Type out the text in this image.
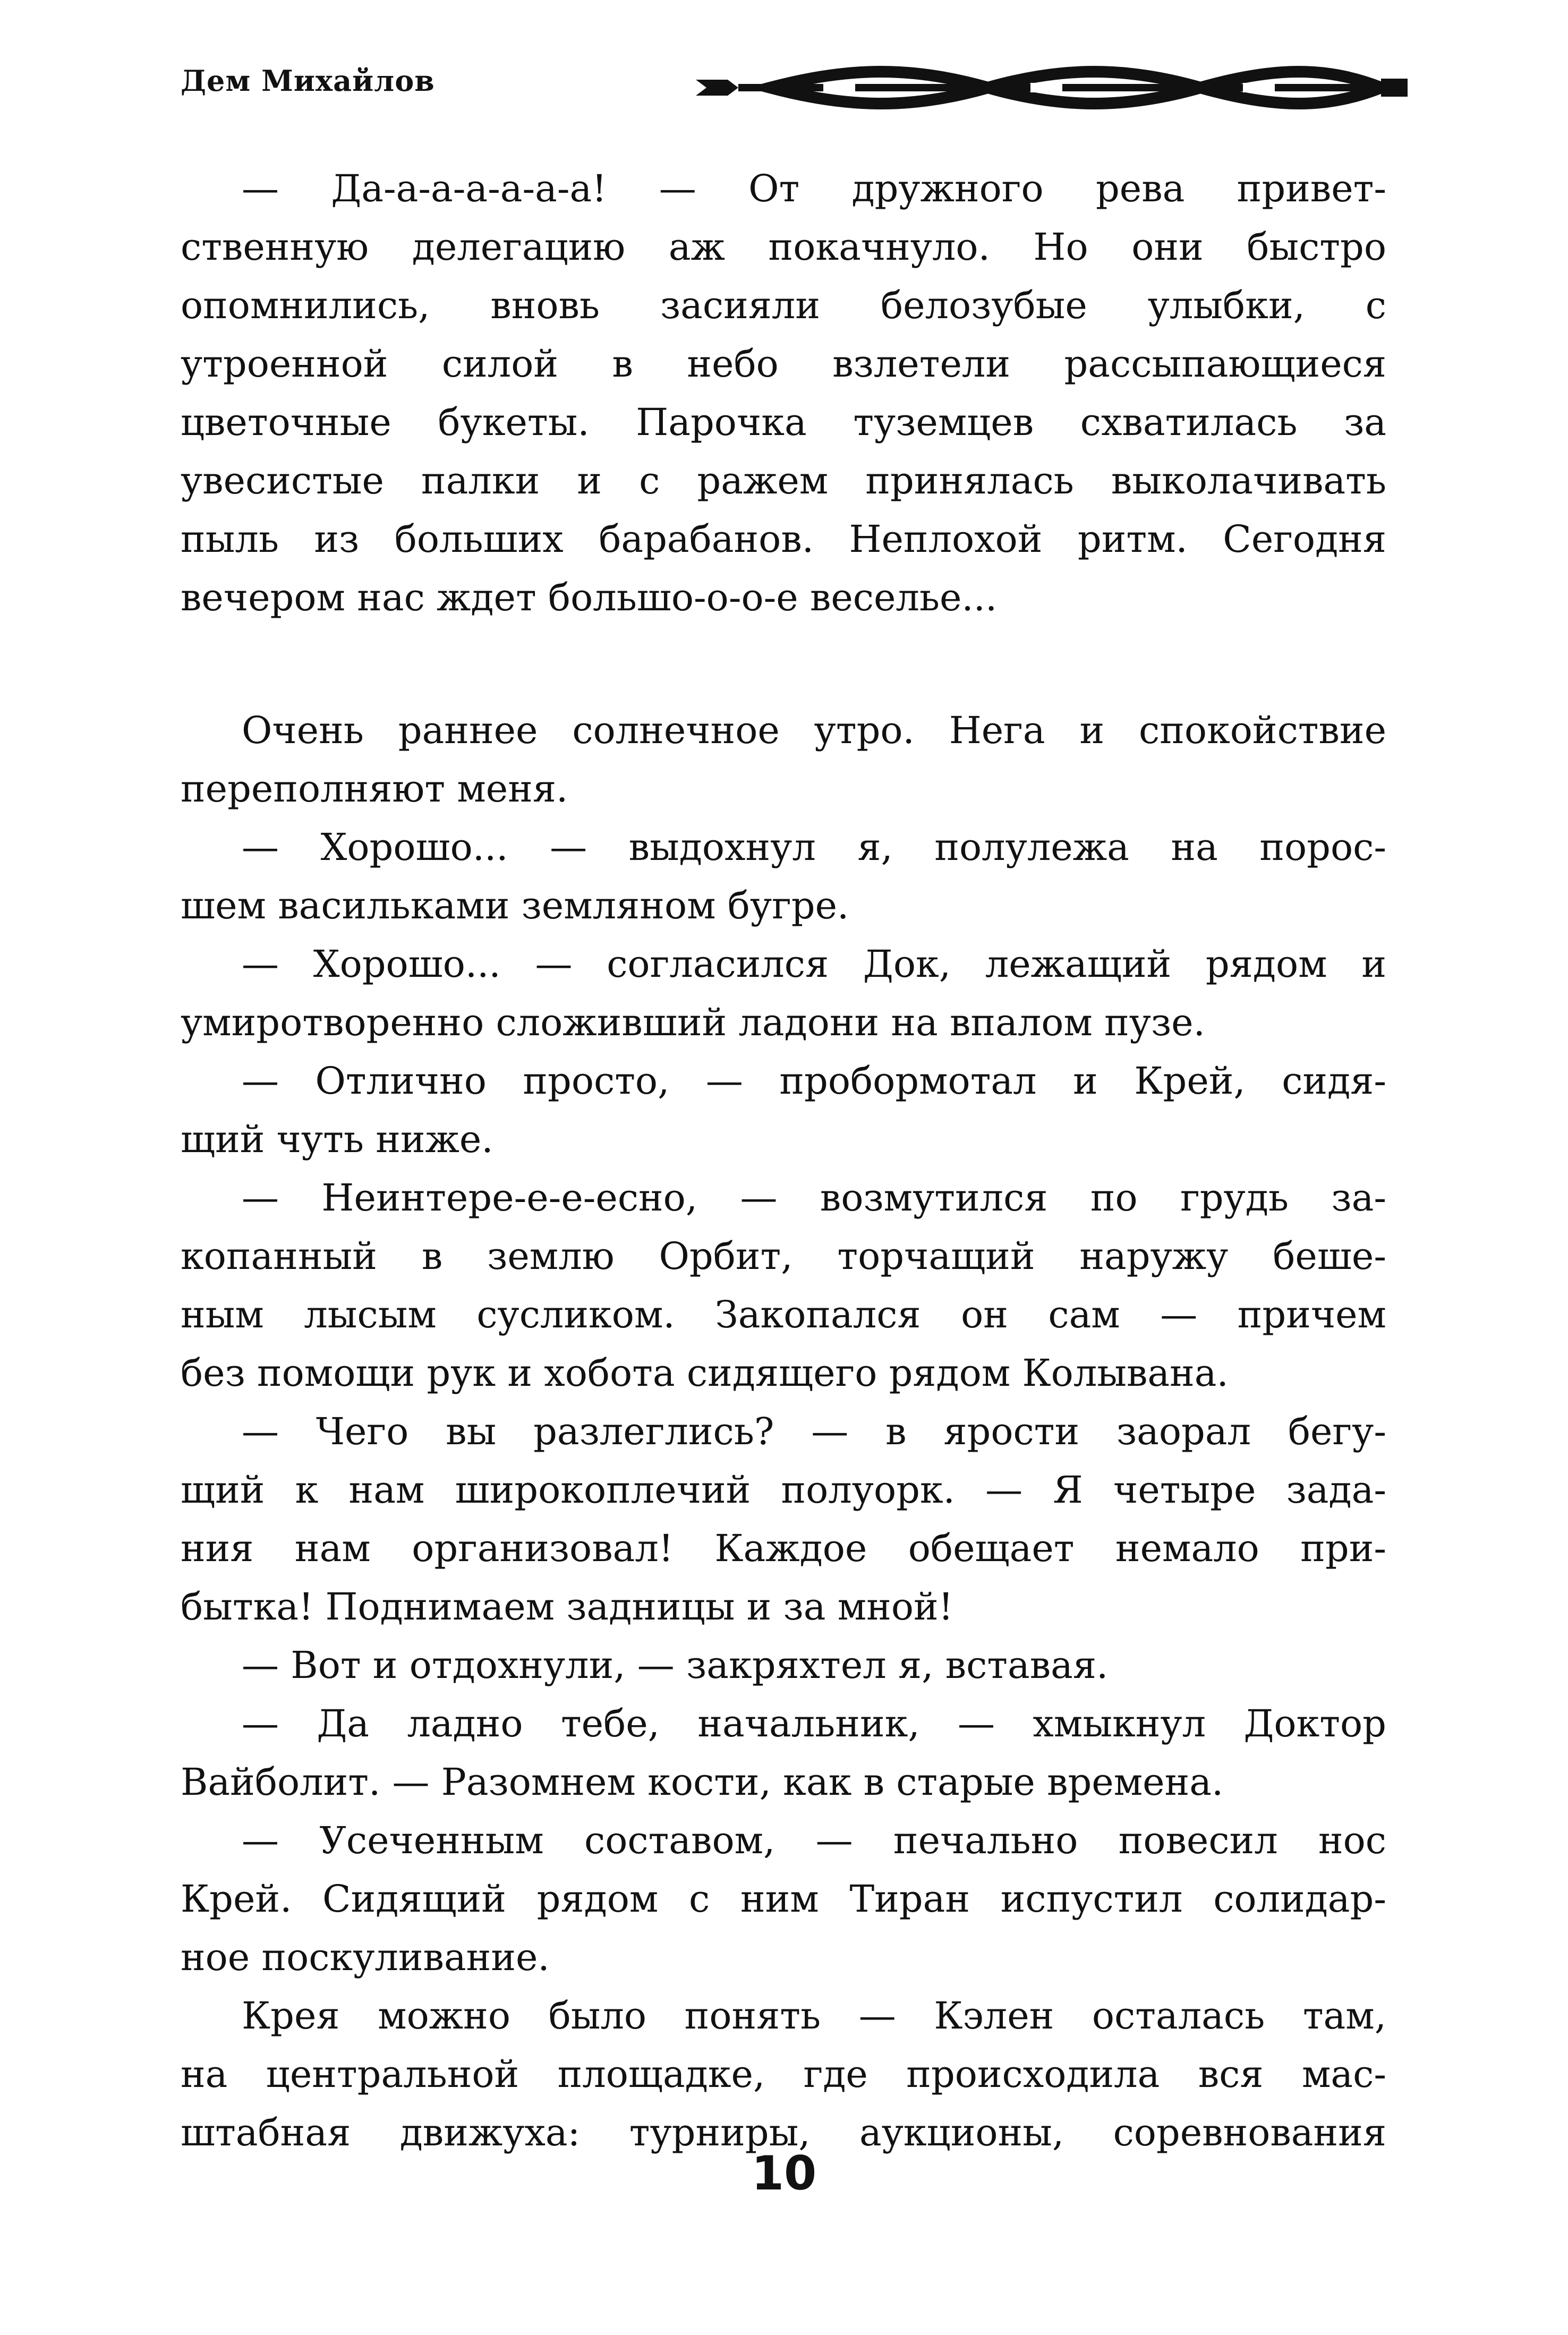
Дем Михайлов
— Да-а-а-а-а-а-а! — От дружного рева привет-
ственную делегацию аж покачнуло. Но они быстро
опомнились, вновь засияли белозубые улыбки, с
утроенной силой в небо взлетели рассыпающиеся
цветочные букеты. Парочка туземцев схватилась за
увесистые палки и с ражем принялась выколачивать
пыль из больших барабанов. Неплохой ритм. Сегодня
вечером нас ждет большо-о-о-е веселье...
Очень раннее солнечное утро. Нега и спокойствие
переполняют меня.
— Хорошо... — выдохнул я, полулежа на порос-
шем васильками земляном бугре.
— Хорошо... — согласился Док, лежащий рядом и
умиротворенно сложивший ладони на впалом пузе.
— Отлично просто, — пробормотал и Крей, сидя-
щий чуть ниже.
— Неинтере-е-е-есно, — возмутился по грудь за-
копанный в землю Орбит, торчащий наружу беше-
ным лысым сусликом. Закопался он сам — причем
без помощи рук и хобота сидящего рядом Колывана.
— Чего вы разлеглись? — в ярости заорал бегу-
щий к нам широкоплечий полуорк. — Я четыре зада-
ния нам организовал! Каждое обещает немало при-
бытка! Поднимаем задницы и за мной!
— Вот и отдохнули, — закряхтел я, вставая.
— Да ладно тебе, начальник, — хмыкнул Доктор
Вайболит. — Разомнем кости, как в старые времена.
— Усеченным составом, — печально повесил нос
Крей. Сидящий рядом с ним Тиран испустил солидар-
ное поскуливание.
Крея можно было понять — Кэлен осталась там,
на центральной площадке, где происходила вся мас-
штабная движуха: турниры, аукционы, соревнования
10
